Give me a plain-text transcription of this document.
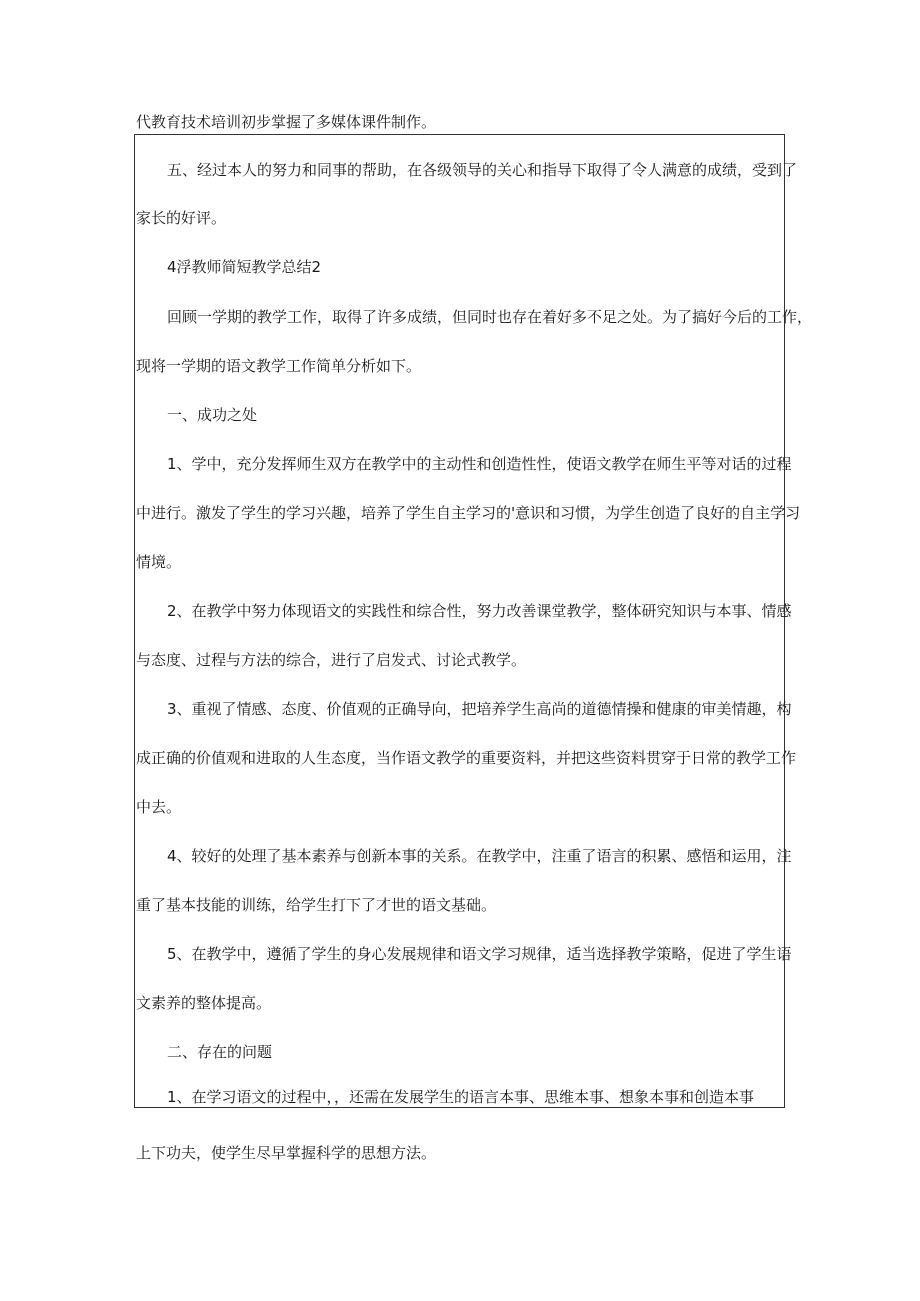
代教育技术培训初步掌握了多媒体课件制作。
五、经过本人的努力和同事的帮助，在各级领导的关心和指导下取得了令人满意的成绩，受到了
家长的好评。
4浮教师简短教学总结2
回顾一学期的教学工作，取得了许多成绩，但同时也存在着好多不足之处。为了搞好今后的工作，
现将一学期的语文教学工作简单分析如下。
一、成功之处
1、学中，充分发挥师生双方在教学中的主动性和创造性性，使语文教学在师生平等对话的过程
中进行。激发了学生的学习兴趣，培养了学生自主学习的'意识和习惯，为学生创造了良好的自主学习
情境。
2、在教学中努力体现语文的实践性和综合性，努力改善课堂教学，整体研究知识与本事、情感
与态度、过程与方法的综合，进行了启发式、讨论式教学。
3、重视了情感、态度、价值观的正确导向，把培养学生高尚的道德情操和健康的审美情趣，构
成正确的价值观和进取的人生态度，当作语文教学的重要资料，并把这些资料贯穿于日常的教学工作
中去。
4、较好的处理了基本素养与创新本事的关系。在教学中，注重了语言的积累、感悟和运用，注
重了基本技能的训练，给学生打下了才世的语文基础。
5、在教学中，遵循了学生的身心发展规律和语文学习规律，适当选择教学策略，促进了学生语
文素养的整体提高。
二、存在的问题
1、在学习语文的过程中，，还需在发展学生的语言本事、思维本事、想象本事和创造本事
上下功夫，使学生尽早掌握科学的思想方法。
